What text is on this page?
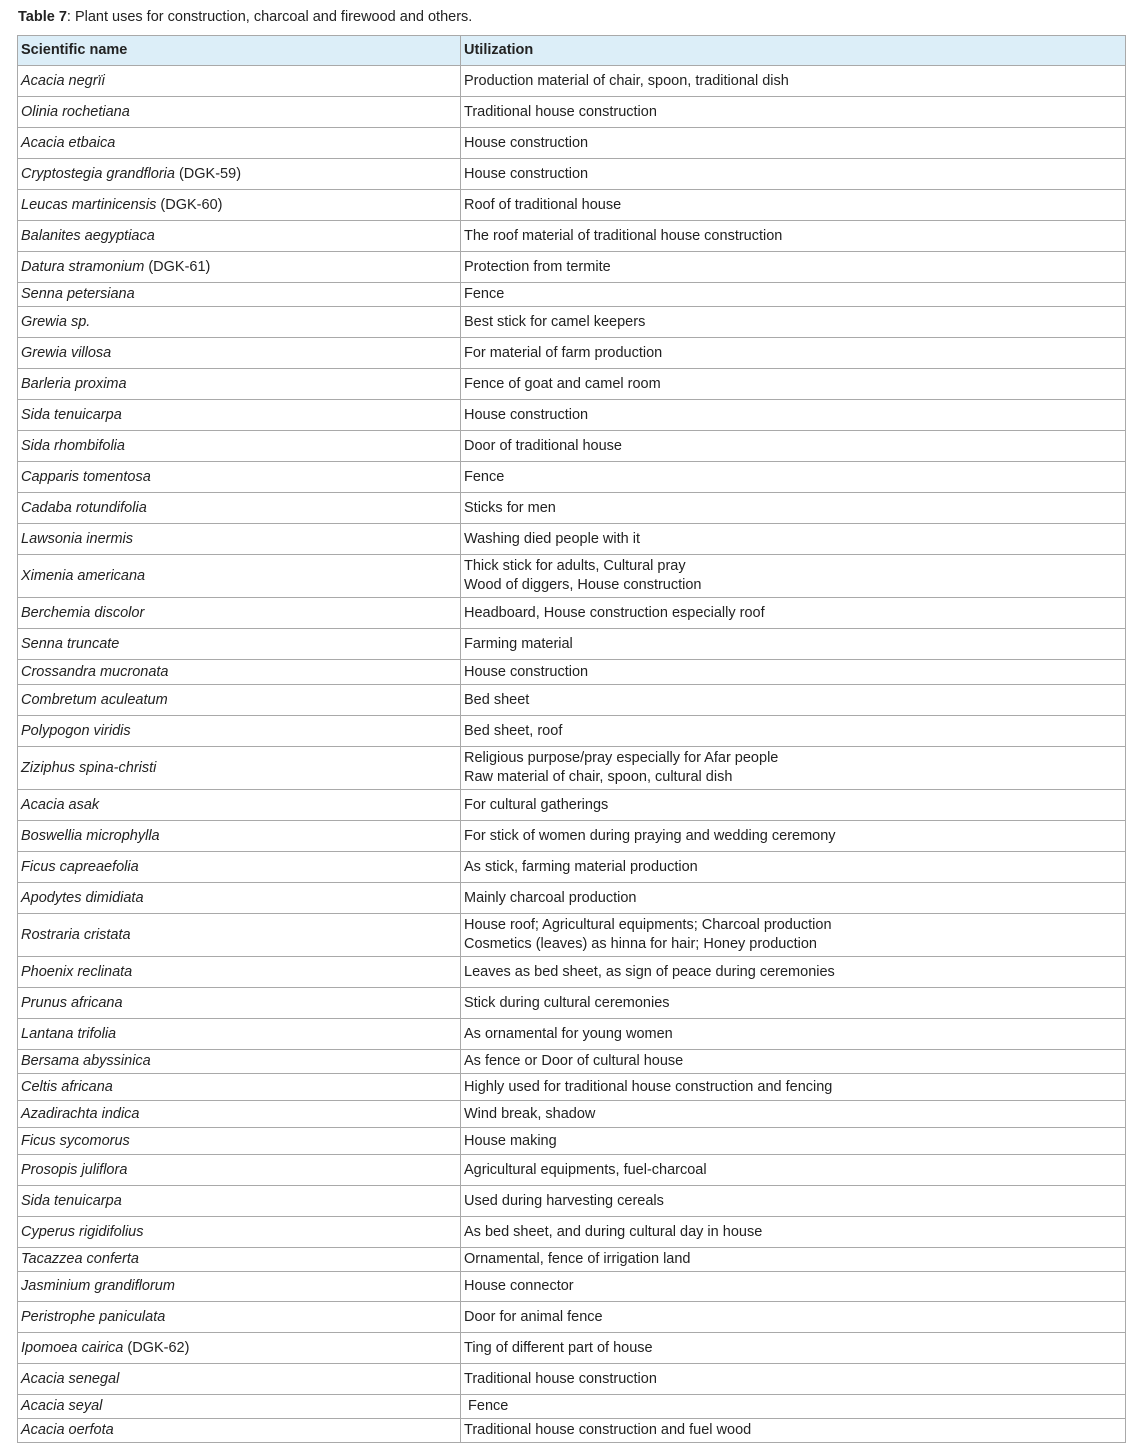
Table 7: Plant uses for construction, charcoal and firewood and others.
Scientific name	Utilization
Acacia negrïi	Production material of chair, spoon, traditional dish

Olinia rochetiana	Traditional house construction

Acacia etbaica	House construction

Cryptostegia grandfloria (DGK-59)	House construction

Leucas martinicensis (DGK-60)	Roof of traditional house

Balanites aegyptiaca	The roof material of traditional house construction

Datura stramonium (DGK-61)	Protection from termite

Senna petersiana	Fence

Grewia sp.	Best stick for camel keepers

Grewia villosa	For material of farm production

Barleria proxima	Fence of goat and camel room

Sida tenuicarpa	House construction

Sida rhombifolia	Door of traditional house

Capparis tomentosa	Fence

Cadaba rotundifolia	Sticks for men

Lawsonia inermis	Washing died people with it

Ximenia americana	Thick stick for adults, Cultural pray
Wood of diggers, House construction

Berchemia discolor	Headboard, House construction especially roof

Senna truncate	Farming material

Crossandra mucronata	House construction

Combretum aculeatum	Bed sheet

Polypogon viridis	Bed sheet, roof

Ziziphus spina-christi	Religious purpose/pray especially for Afar people
Raw material of chair, spoon, cultural dish

Acacia asak	For cultural gatherings

Boswellia microphylla	For stick of women during praying and wedding ceremony

Ficus capreaefolia	As stick, farming material production

Apodytes dimidiata	Mainly charcoal production

Rostraria cristata	House roof; Agricultural equipments; Charcoal production
Cosmetics (leaves) as hinna for hair; Honey production

Phoenix reclinata	Leaves as bed sheet, as sign of peace during ceremonies

Prunus africana	Stick during cultural ceremonies

Lantana trifolia	As ornamental for young women

Bersama abyssinica	As fence or Door of cultural house

Celtis africana	Highly used for traditional house construction and fencing

Azadirachta indica	Wind break, shadow

Ficus sycomorus	House making

Prosopis juliflora	Agricultural equipments, fuel-charcoal

Sida tenuicarpa	Used during harvesting cereals

Cyperus rigidifolius	As bed sheet, and during cultural day in house

Tacazzea conferta	Ornamental, fence of irrigation land

Jasminium grandiflorum	House connector

Peristrophe paniculata	Door for animal fence

Ipomoea cairica (DGK-62)	Ting of different part of house

Acacia senegal	Traditional house construction

Acacia seyal	Fence

Acacia oerfota	Traditional house construction and fuel wood
